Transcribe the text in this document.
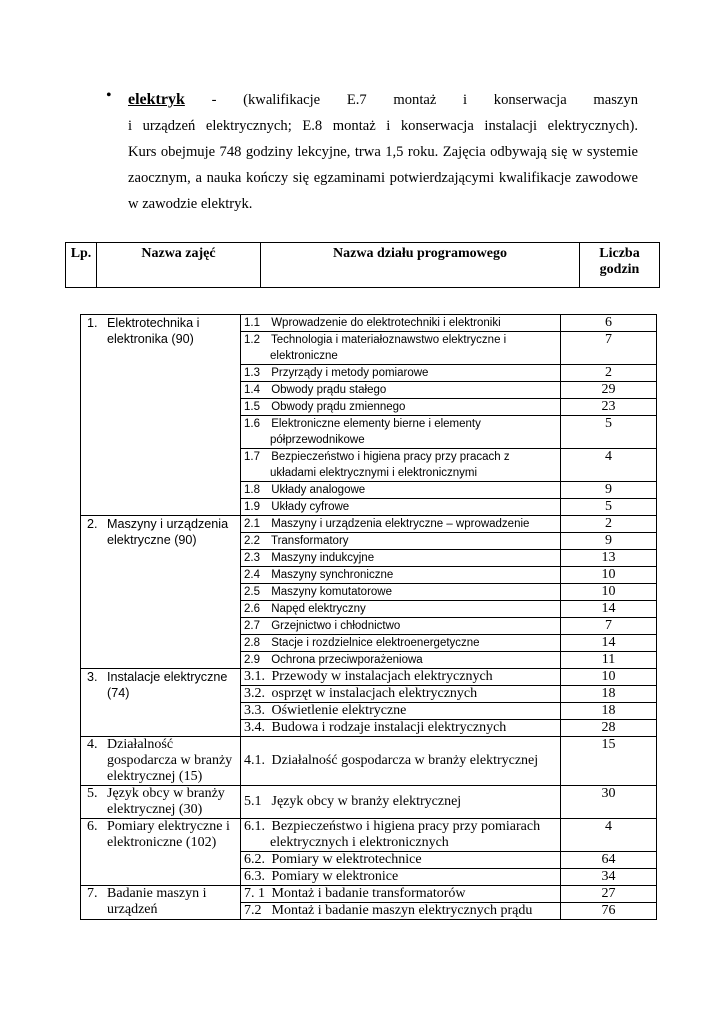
• elektryk - (kwalifikacje E.7 montaż i konserwacja maszyn
i urządzeń elektrycznych; E.8 montaż i konserwacja instalacji elektrycznych).
Kurs obejmuje 748 godziny lekcyjne, trwa 1,5 roku. Zajęcia odbywają się w systemie
zaocznym, a nauka kończy się egzaminami potwierdzającymi kwalifikacje zawodowe
w zawodzie elektryk.
Lp.	Nazwa zajęć	Nazwa działu programowego	Liczba godzin
1. Elektrotechnika i elektronika (90)	1.1 Wprowadzenie do elektrotechniki i elektroniki	6

	1.2 Technologia i materiałoznawstwo elektryczne i
elektroniczne	7

	1.3 Przyrządy i metody pomiarowe	2

	1.4 Obwody prądu stałego	29

	1.5 Obwody prądu zmiennego	23

	1.6 Elektroniczne elementy bierne i elementy
półprzewodnikowe	5

	1.7 Bezpieczeństwo i higiena pracy przy pracach z
układami elektrycznymi i elektronicznymi	4

	1.8 Układy analogowe	9

	1.9 Układy cyfrowe	5
2. Maszyny i urządzenia elektryczne (90)	2.1 Maszyny i urządzenia elektryczne – wprowadzenie	2

	2.2 Transformatory	9

	2.3 Maszyny indukcyjne	13

	2.4 Maszyny synchroniczne	10

	2.5 Maszyny komutatorowe	10

	2.6 Napęd elektryczny	14

	2.7 Grzejnictwo i chłodnictwo	7

	2.8 Stacje i rozdzielnice elektroenergetyczne	14

	2.9 Ochrona przeciwporażeniowa	11
3. Instalacje elektryczne (74)	3.1. Przewody w instalacjach elektrycznych	10

	3.2. osprzęt w instalacjach elektrycznych	18

	3.3. Oświetlenie elektryczne	18

	3.4. Budowa i rodzaje instalacji elektrycznych	28
4. Działalność gospodarcza w branży elektrycznej (15)	4.1. Działalność gospodarcza w branży elektrycznej	15
5. Język obcy w branży elektrycznej (30)	5.1 Język obcy w branży elektrycznej	30
6. Pomiary elektryczne i elektroniczne (102)	6.1. Bezpieczeństwo i higiena pracy przy pomiarach
elektrycznych i elektronicznych	4

	6.2. Pomiary w elektrotechnice	64

	6.3. Pomiary w elektronice	34
7. Badanie maszyn i urządzeń	7. 1 Montaż i badanie transformatorów	27

	7.2 Montaż i badanie maszyn elektrycznych prądu	76
